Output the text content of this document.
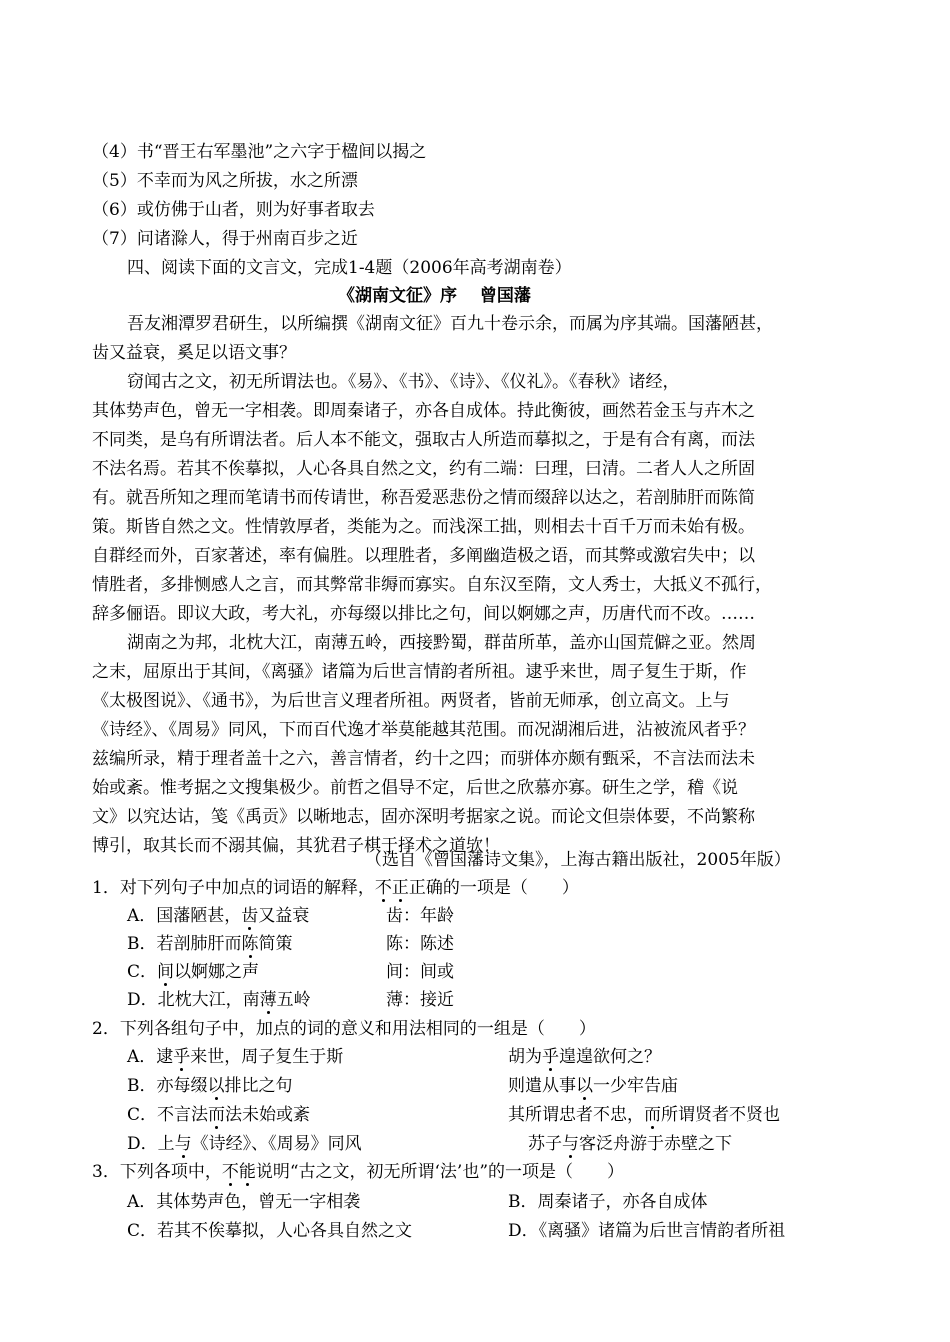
（4）书“晋王右军墨池”之六字于楹间以揭之
（5）不幸而为风之所拔，水之所漂
（6）或仿佛于山者，则为好事者取去
（7）问诸滁人，得于州南百步之近
四、阅读下面的文言文，完成1-4题（2006年高考湖南卷）
《湖南文征》序　 曾国藩
吾友湘潭罗君研生，以所编撰《湖南文征》百九十卷示余，而属为序其端。国藩陋甚，
齿又益衰，奚足以语文事？
窃闻古之文，初无所谓法也。《易》、《书》、《诗》、《仪礼》。《春秋》诸经，
其体势声色，曾无一字相袭。即周秦诸子，亦各自成体。持此衡彼，画然若金玉与卉木之
不同类，是乌有所谓法者。后人本不能文，强取古人所造而摹拟之，于是有合有离，而法
不法名焉。若其不俟摹拟，人心各具自然之文，约有二端：曰理，曰清。二者人人之所固
有。就吾所知之理而笔请书而传请世，称吾爱恶悲份之情而缀辞以达之，若剖肺肝而陈简
策。斯皆自然之文。性情敦厚者，类能为之。而浅深工拙，则相去十百千万而未始有极。
自群经而外，百家著述，率有偏胜。以理胜者，多阐幽造极之语，而其弊或激宕失中；以
情胜者，多排恻感人之言，而其弊常非缛而寡实。自东汉至隋，文人秀士，大抵义不孤行，
辞多俪语。即议大政，考大礼，亦每缀以排比之句，间以婀娜之声，历唐代而不改。……
湖南之为邦，北枕大江，南薄五岭，西接黔蜀，群苗所革，盖亦山国荒僻之亚。然周
之末，屈原出于其间，《离骚》诸篇为后世言情韵者所祖。逮乎来世，周子复生于斯，作
《太极图说》、《通书》，为后世言义理者所祖。两贤者，皆前无师承，创立高文。上与
《诗经》、《周易》同风，下而百代逸才举莫能越其范围。而况湖湘后进，沾被流风者乎？
兹编所录，精于理者盖十之六，善言情者，约十之四；而骈体亦颇有甄采，不言法而法未
始或紊。惟考据之文搜集极少。前哲之倡导不定，后世之欣慕亦寡。研生之学，稽《说
文》以究达诂，笺《禹贡》以晰地志，固亦深明考据家之说。而论文但崇体要，不尚繁称
博引，取其长而不溺其偏，其犹君子棋于择术之道欤！
（选自《曾国藩诗文集》，上海古籍出版社，2005年版）
1．对下列句子中加点的词语的解释，不正正确的一项是（　　）
A．国藩陋甚，齿又益衰	齿：年龄
B．若剖肺肝而陈简策	陈：陈述
C．间以婀娜之声	间：间或
D．北枕大江，南薄五岭	薄：接近
2．下列各组句子中，加点的词的意义和用法相同的一组是（　　）
A．逮乎来世，周子复生于斯	胡为乎遑遑欲何之？
B．亦每缀以排比之句	则遣从事以一少牢告庙
C．不言法而法未始或紊	其所谓忠者不忠，而所谓贤者不贤也
D．上与《诗经》、《周易》同风	苏子与客泛舟游于赤壁之下
3．下列各项中，不能说明“古之文，初无所谓‘法’也”的一项是（　　）
A．其体势声色，曾无一字相袭	B．周秦诸子，亦各自成体
C．若其不俟摹拟，人心各具自然之文	D．《离骚》诸篇为后世言情韵者所祖
